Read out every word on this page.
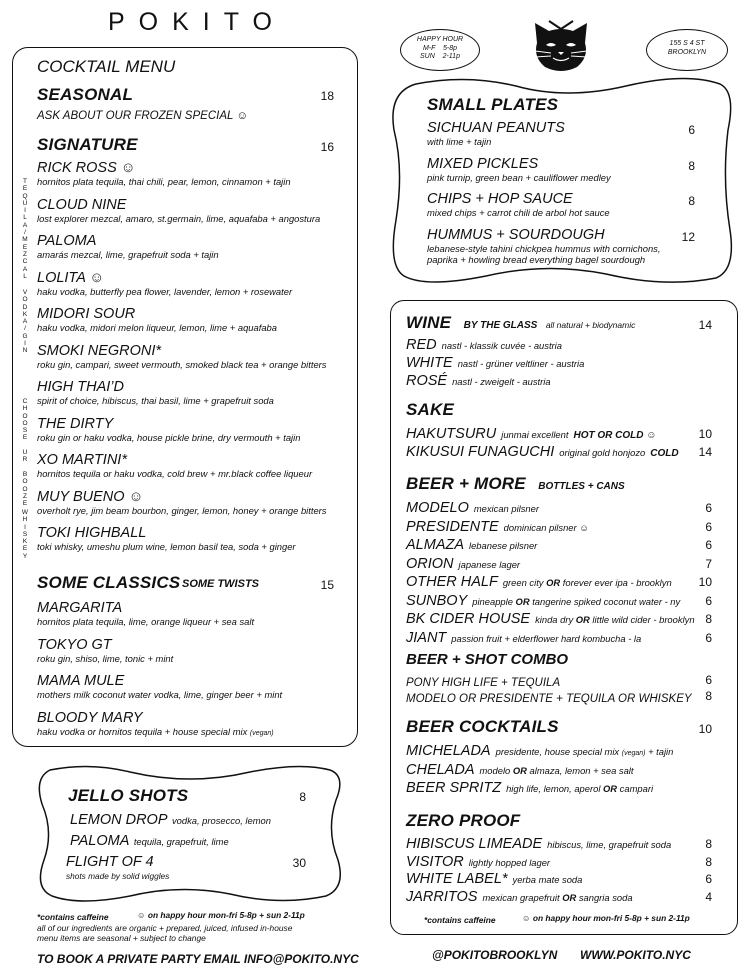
POKITO
HAPPY HOUR
M-F    5-8p
SUN    2-11p
155 S 4 ST
BROOKLYN
COCKTAIL MENU
SEASONAL	18
ASK ABOUT OUR FROZEN SPECIAL ☺
SIGNATURE	16
RICK ROSS ☺
hornitos plata tequila, thai chili, pear, lemon, cinnamon + tajin
CLOUD NINE
lost explorer mezcal, amaro, st.germain, lime, aquafaba + angostura
PALOMA
amarás mezcal, lime, grapefruit soda + tajin
LOLITA ☺
haku vodka, butterfly pea flower, lavender, lemon + rosewater
MIDORI SOUR
haku vodka, midori melon liqueur, lemon, lime + aquafaba
SMOKI NEGRONI*
roku gin, campari, sweet vermouth, smoked black tea + orange bitters
HIGH THAI’D
spirit of choice, hibiscus, thai basil, lime + grapefruit soda
THE DIRTY
roku gin or haku vodka, house pickle brine, dry vermouth + tajin
XO MARTINI*
hornitos tequila or haku vodka, cold brew + mr.black coffee liqueur
MUY BUENO ☺
overholt rye, jim beam bourbon, ginger, lemon, honey + orange bitters
TOKI HIGHBALL
toki whisky, umeshu plum wine, lemon basil tea, soda + ginger
T
E
Q
U
I
L
A
/
M
E
Z
C
A
L
V
O
D
K
A
/
G
I
N
C
H
O
O
S
E
U
R
B
O
O
Z
E
W
H
I
S
K
E
Y
SOME CLASSICS SOME TWISTS	15
MARGARITA
hornitos plata tequila, lime, orange liqueur + sea salt
TOKYO GT
roku gin, shiso, lime, tonic + mint
MAMA MULE
mothers milk coconut water vodka, lime, ginger beer + mint
BLOODY MARY
haku vodka or hornitos tequila + house special mix (vegan)
JELLO SHOTS	8
LEMON DROP vodka, prosecco, lemon
PALOMA tequila, grapefruit, lime
FLIGHT OF 4	30
shots made by solid wiggles
*contains caffeine	☺ on happy hour mon-fri 5-8p + sun 2-11p
all of our ingredients are organic + prepared, juiced, infused in-house
menu items are seasonal + subject to change
SMALL PLATES
SICHUAN PEANUTS	6
with lime + tajin
MIXED PICKLES	8
pink turnip, green bean + cauliflower medley
CHIPS + HOP SAUCE	8
mixed chips + carrot chili de arbol hot sauce
HUMMUS + SOURDOUGH	12
lebanese-style tahini chickpea hummus with cornichons,
paprika + howling bread everything bagel sourdough
WINE BY THE GLASS all natural + biodynamic	14
RED nastl - klassik cuvée - austria
WHITE nastl - grüner veltliner - austria
ROSÉ nastl - zweigelt - austria
SAKE
HAKUTSURU junmai excellent HOT OR COLD ☺	10
KIKUSUI FUNAGUCHI original gold honjozo COLD 14
BEER + MORE BOTTLES + CANS
MODELO mexican pilsner	6
PRESIDENTE dominican pilsner ☺	6
ALMAZA lebanese pilsner	6
ORION japanese lager	7
OTHER HALF green city OR forever ever ipa - brooklyn 10
SUNBOY pineapple OR tangerine spiked coconut water - ny 6
BK CIDER HOUSE kinda dry OR little wild cider - brooklyn 8
JIANT passion fruit + elderflower hard kombucha - la	6
BEER + SHOT COMBO
PONY HIGH LIFE + TEQUILA	6
MODELO OR PRESIDENTE + TEQUILA OR WHISKEY 8
BEER COCKTAILS	10
MICHELADA presidente, house special mix (vegan) + tajin
CHELADA modelo OR almaza, lemon + sea salt
BEER SPRITZ high life, lemon, aperol OR campari
ZERO PROOF
HIBISCUS LIMEADE hibiscus, lime, grapefruit soda	8
VISITOR lightly hopped lager	8
WHITE LABEL* yerba mate soda	6
JARRITOS mexican grapefruit OR sangria soda	4
*contains caffeine	☺ on happy hour mon-fri 5-8p + sun 2-11p
TO BOOK A PRIVATE PARTY EMAIL INFO@POKITO.NYC	@POKITOBROOKLYN WWW.POKITO.NYC
